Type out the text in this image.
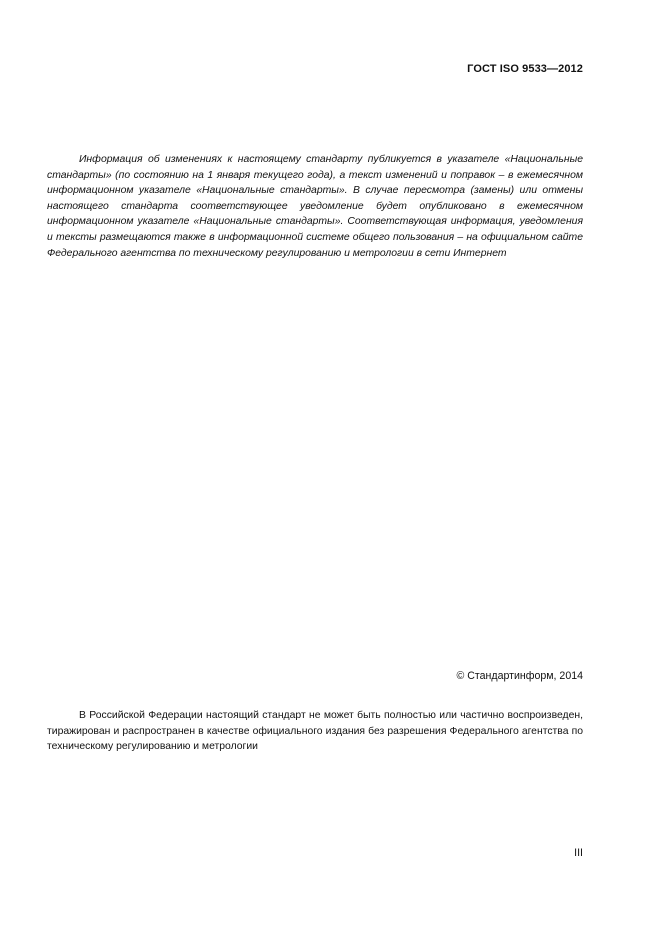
ГОСТ ISO 9533—2012

Информация об изменениях к настоящему стандарту публикуется в указателе «Национальные стандарты» (по состоянию на 1 января текущего года), а текст изменений и поправок – в ежемесячном информационном указателе «Национальные стандарты». В случае пересмотра (замены) или отмены настоящего стандарта соответствующее уведомление будет опубликовано в ежемесячном информационном указателе «Национальные стандарты». Соответствующая информация, уведомления и тексты размещаются также в информационной системе общего пользования – на официальном сайте Федерального агентства по техническому регулированию и метрологии в сети Интернет

© Стандартинформ, 2014

В Российской Федерации настоящий стандарт не может быть полностью или частично воспроизведен, тиражирован и распространен в качестве официального издания без разрешения Федерального агентства по техническому регулированию и метрологии

III
